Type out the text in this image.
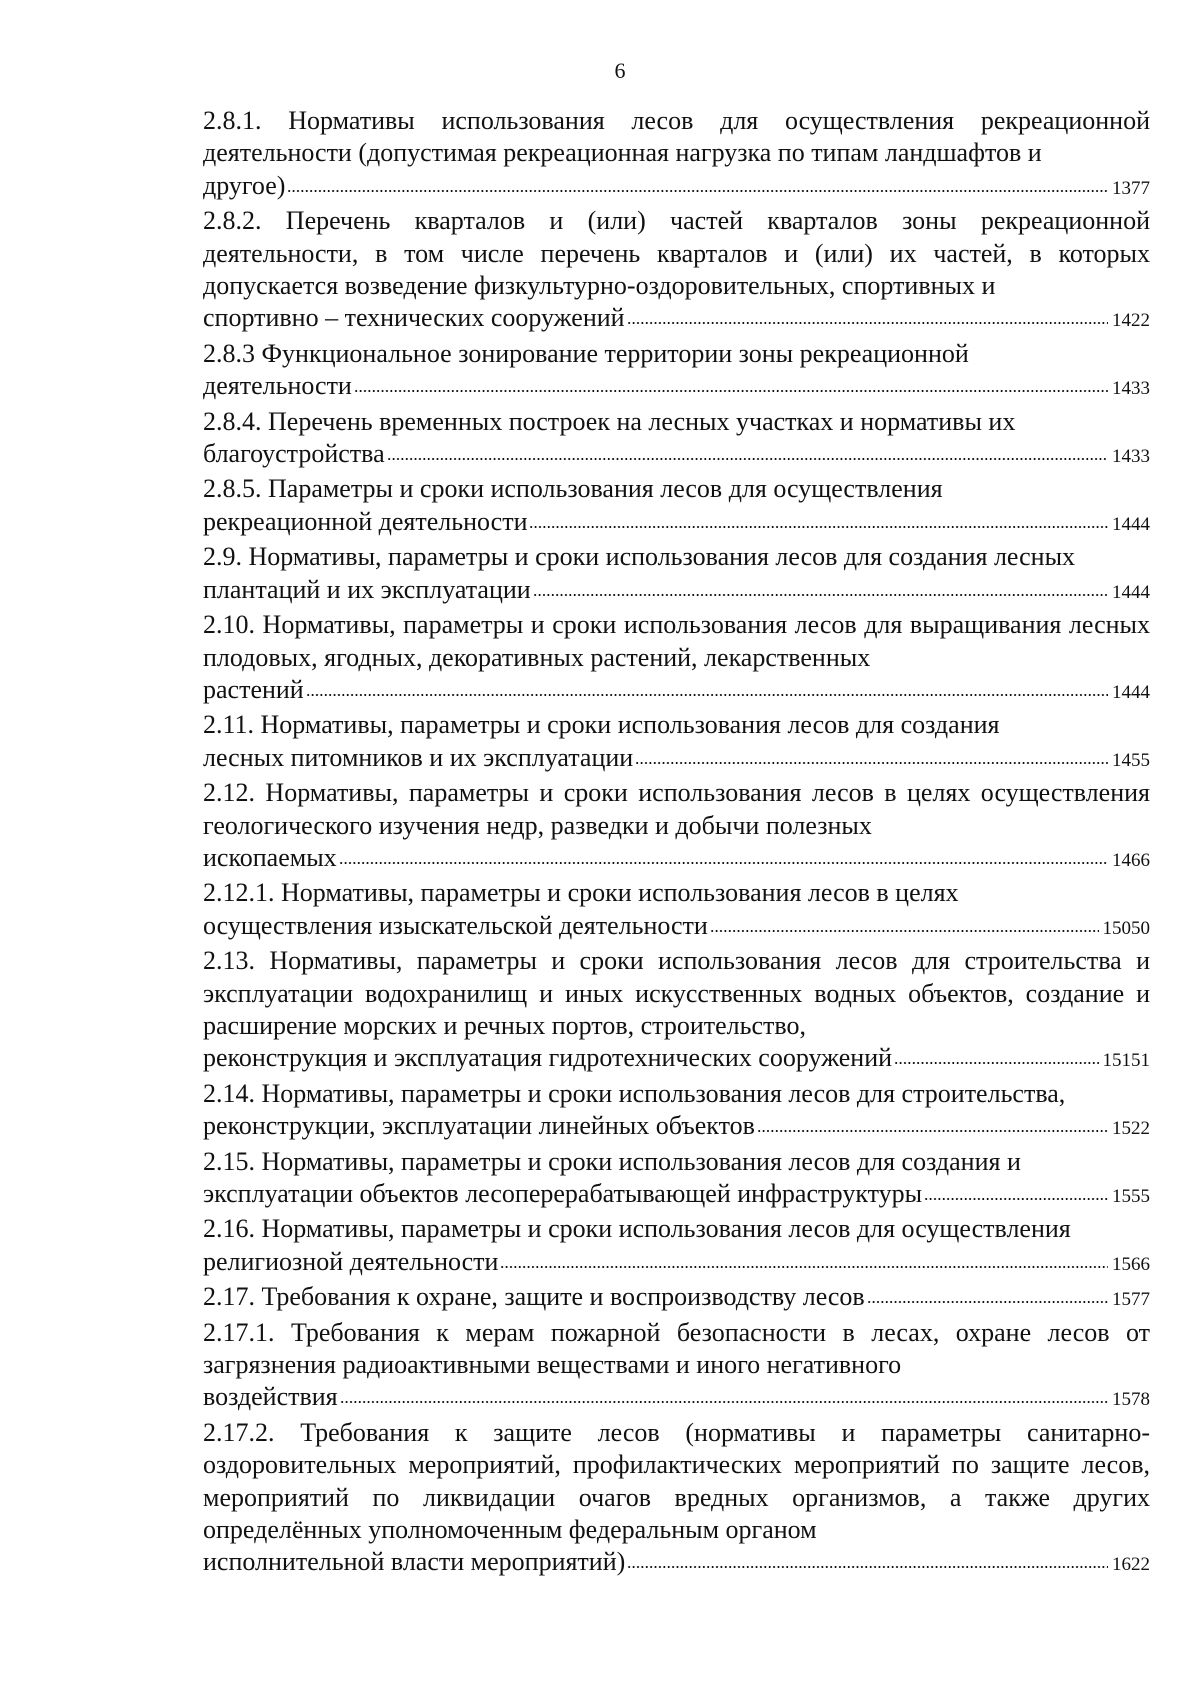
6
2.8.1. Нормативы использования лесов для осуществления рекреационной деятельности (допустимая рекреационная нагрузка по типам ландшафтов и
другое)	1377
2.8.2. Перечень кварталов и (или) частей кварталов зоны рекреационной деятельности, в том числе перечень кварталов и (или) их частей, в которых допускается возведение физкультурно-оздоровительных, спортивных и
спортивно – технических сооружений	1422
2.8.3 Функциональное зонирование территории зоны рекреационной
деятельности	1433
2.8.4. Перечень временных построек на лесных участках и нормативы их
благоустройства	1433
2.8.5. Параметры и сроки использования лесов для осуществления
рекреационной деятельности	1444
2.9. Нормативы, параметры и сроки использования лесов для создания лесных
плантаций и их эксплуатации	1444
2.10. Нормативы, параметры и сроки использования лесов для выращивания лесных плодовых, ягодных, декоративных растений, лекарственных
растений	1444
2.11. Нормативы, параметры и сроки использования лесов для создания
лесных питомников и их эксплуатации	1455
2.12. Нормативы, параметры и сроки использования лесов в целях осуществления геологического изучения недр, разведки и добычи полезных
ископаемых	1466
2.12.1. Нормативы, параметры и сроки использования лесов в целях
осуществления изыскательской деятельности	15050
2.13. Нормативы, параметры и сроки использования лесов для строительства и эксплуатации водохранилищ и иных искусственных водных объектов, создание и расширение морских и речных портов, строительство,
реконструкция и эксплуатация гидротехнических сооружений	15151
2.14. Нормативы, параметры и сроки использования лесов для строительства,
реконструкции, эксплуатации линейных объектов	1522
2.15. Нормативы, параметры и сроки использования лесов для создания и
эксплуатации объектов лесоперерабатывающей инфраструктуры	1555
2.16. Нормативы, параметры и сроки использования лесов для осуществления
религиозной деятельности	1566
2.17. Требования к охране, защите и воспроизводству лесов	1577
2.17.1. Требования к мерам пожарной безопасности в лесах, охране лесов от загрязнения радиоактивными веществами и иного негативного
воздействия	1578
2.17.2. Требования к защите лесов (нормативы и параметры санитарно-оздоровительных мероприятий, профилактических мероприятий по защите лесов, мероприятий по ликвидации очагов вредных организмов, а также других определённых уполномоченным федеральным органом
исполнительной власти мероприятий)	1622
